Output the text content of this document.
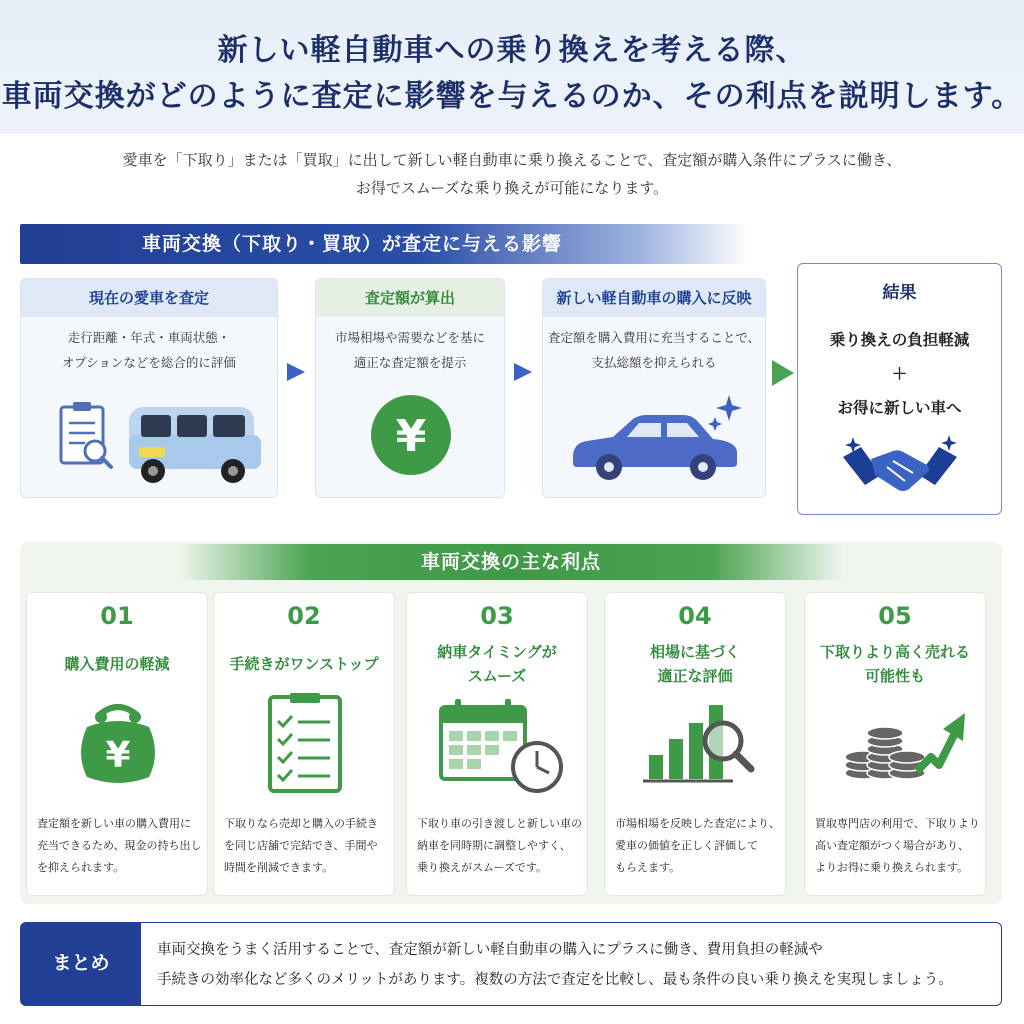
新しい軽自動車への乗り換えを考える際、
車両交換がどのように査定に影響を与えるのか、その利点を説明します。
愛車を「下取り」または「買取」に出して新しい軽自動車に乗り換えることで、査定額が購入条件にプラスに働き、
お得でスムーズな乗り換えが可能になります。
車両交換（下取り・買取）が査定に与える影響
現在の愛車を査定
走行距離・年式・車両状態・
オプションなどを総合的に評価
査定額が算出
市場相場や需要などを基に
適正な査定額を提示
¥
新しい軽自動車の購入に反映
査定額を購入費用に充当することで、
支払総額を抑えられる
結果
乗り換えの負担軽減
＋
お得に新しい車へ
車両交換の主な利点
01
購入費用の軽減
¥
査定額を新しい車の購入費用に
充当できるため、現金の持ち出し
を抑えられます。
02
手続きがワンストップ
下取りなら売却と購入の手続き
を同じ店舗で完結でき、手間や
時間を削減できます。
03
納車タイミングが
スムーズ
下取り車の引き渡しと新しい車の
納車を同時期に調整しやすく、
乗り換えがスムーズです。
04
相場に基づく
適正な評価
市場相場を反映した査定により、
愛車の価値を正しく評価して
もらえます。
05
下取りより高く売れる
可能性も
買取専門店の利用で、下取りより
高い査定額がつく場合があり、
よりお得に乗り換えられます。
まとめ
車両交換をうまく活用することで、査定額が新しい軽自動車の購入にプラスに働き、費用負担の軽減や
手続きの効率化など多くのメリットがあります。複数の方法で査定を比較し、最も条件の良い乗り換えを実現しましょう。
